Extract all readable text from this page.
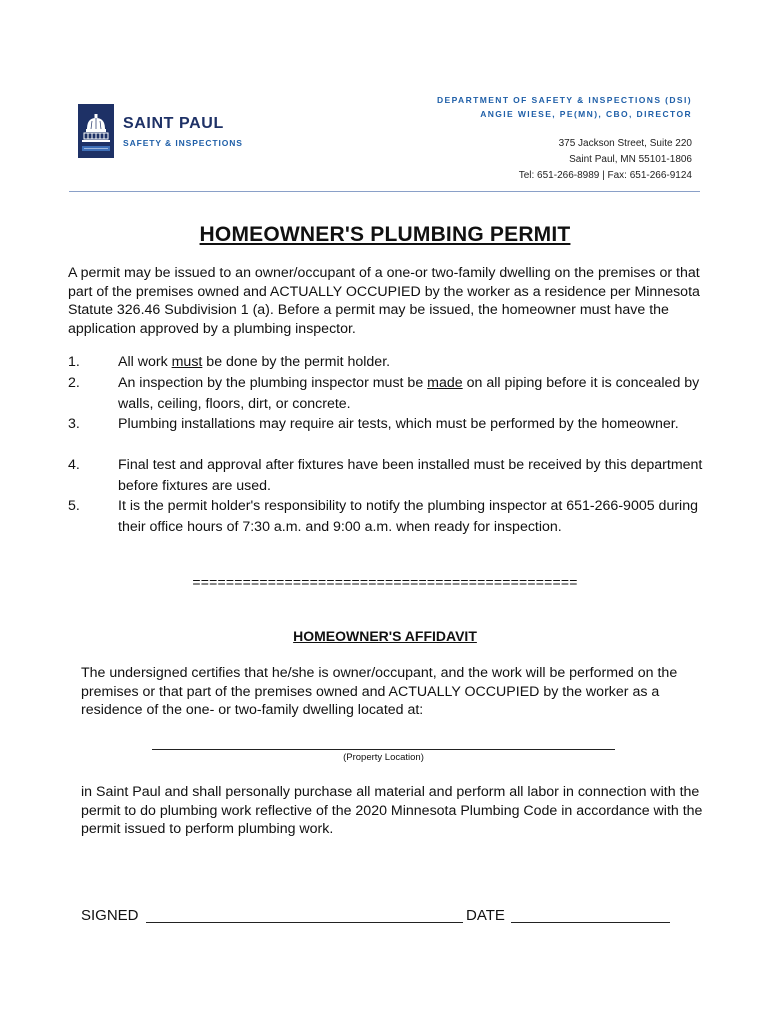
SAINT PAUL
SAFETY & INSPECTIONS
DEPARTMENT OF SAFETY & INSPECTIONS (DSI)
ANGIE WIESE, PE(MN), CBO, DIRECTOR
375 Jackson Street, Suite 220
Saint Paul, MN 55101-1806
Tel: 651-266-8989 | Fax: 651-266-9124
HOMEOWNER'S PLUMBING PERMIT
A permit may be issued to an owner/occupant of a one-or two-family dwelling on the premises or that part of the premises owned and ACTUALLY OCCUPIED by the worker as a residence per Minnesota Statute 326.46 Subdivision 1 (a). Before a permit may be issued, the homeowner must have the application approved by a plumbing inspector.
1.	All work must be done by the permit holder.
2.	An inspection by the plumbing inspector must be made on all piping before it is concealed by walls, ceiling, floors, dirt, or concrete.
3.	Plumbing installations may require air tests, which must be performed by the homeowner.
4.	Final test and approval after fixtures have been installed must be received by this department before fixtures are used.
5.	It is the permit holder's responsibility to notify the plumbing inspector at 651-266-9005 during their office hours of 7:30 a.m. and 9:00 a.m. when ready for inspection.
==============================================
HOMEOWNER'S AFFIDAVIT
The undersigned certifies that he/she is owner/occupant, and the work will be performed on the premises or that part of the premises owned and ACTUALLY OCCUPIED by the worker as a residence of the one- or two-family dwelling located at:
(Property Location)
in Saint Paul and shall personally purchase all material and perform all labor in connection with the permit to do plumbing work reflective of the 2020 Minnesota Plumbing Code in accordance with the permit issued to perform plumbing work.
SIGNED	DATE
